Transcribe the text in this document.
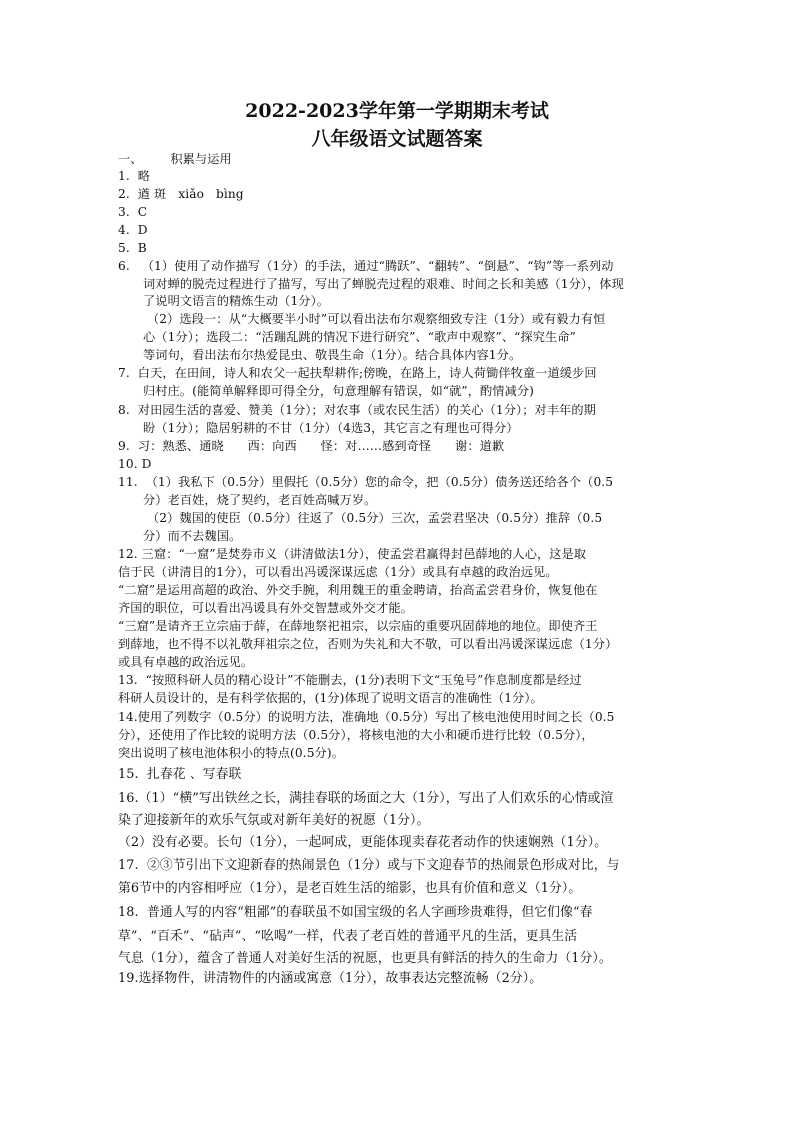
2022-2023学年第一学期期末考试
八年级语文试题答案
一、       积累与运用
1.  略
2.  遒 斑   xiǎo   bìng
3.  C
4.  D
5.  B
6.   （1）使用了动作描写（1分）的手法，通过“腾跃”、“翻转”、“倒悬”、“钩”等一系列动
词对蝉的脱壳过程进行了描写，写出了蝉脱壳过程的艰难、时间之长和美感（1分），体现
了说明文语言的精炼生动（1分）。
（2）选段一：从“大概要半小时”可以看出法布尔观察细致专注（1分）或有毅力有恒
心（1分）；选段二：“活蹦乱跳的情况下进行研究”、“歌声中观察”、“探究生命”
等词句，看出法布尔热爱昆虫、敬畏生命（1分）。结合具体内容1分。
7.  白天，在田间，诗人和农父一起扶犁耕作;傍晚，在路上，诗人荷锄伴牧童一道缓步回
归村庄。(能简单解释即可得全分，句意理解有错误，如“就”，酌情减分)
8.  对田园生活的喜爱、赞美（1分）；对农事（或农民生活）的关心（1分）；对丰年的期
盼（1分）；隐居躬耕的不甘（1分）（4选3，其它言之有理也可得分）
9.  习：熟悉、通晓      西：向西      怪：对……感到奇怪      谢：道歉
10. D
11.  （1）我私下（0.5分）里假托（0.5分）您的命令，把（0.5分）债务送还给各个（0.5
分）老百姓，烧了契约，老百姓高喊万岁。
（2）魏国的使臣（0.5分）往返了（0.5分）三次，孟尝君坚决（0.5分）推辞（0.5
分）而不去魏国。
12. 三窟：“一窟”是焚券市义（讲清做法1分），使孟尝君赢得封邑薛地的人心，这是取
信于民（讲清目的1分），可以看出冯谖深谋远虑（1分）或具有卓越的政治远见。
“二窟”是运用高超的政治、外交手腕，利用魏王的重金聘请，抬高孟尝君身价，恢复他在
齐国的职位，可以看出冯谖具有外交智慧或外交才能。
“三窟”是请齐王立宗庙于薛，在薛地祭祀祖宗，以宗庙的重要巩固薛地的地位。即使齐王
到薛地，也不得不以礼敬拜祖宗之位，否则为失礼和大不敬，可以看出冯谖深谋远虑（1分）
或具有卓越的政治远见。
13.  “按照科研人员的精心设计”不能删去，(1分)表明下文“玉兔号”作息制度都是经过
科研人员设计的，是有科学依据的，(1分)体现了说明文语言的准确性（1分）。
14.使用了列数字（0.5分）的说明方法，准确地（0.5分）写出了核电池使用时间之长（0.5
分），还使用了作比较的说明方法（0.5分），将核电池的大小和硬币进行比较（0.5分），
突出说明了核电池体积小的特点(0.5分)。
15.  扎春花 、写春联
16.（1）“横”写出铁丝之长，满挂春联的场面之大（1分），写出了人们欢乐的心情或渲
染了迎接新年的欢乐气氛或对新年美好的祝愿（1分）。
（2）没有必要。长句（1分），一起呵成，更能体现卖春花者动作的快速娴熟（1分）。
17.  ②③节引出下文迎新春的热闹景色（1分）或与下文迎春节的热闹景色形成对比，与
第6节中的内容相呼应（1分），是老百姓生活的缩影，也具有价值和意义（1分）。
18.  普通人写的内容“粗鄙”的春联虽不如国宝级的名人字画珍贵难得，但它们像“春
草”、“百禾”、“砧声”、“吆喝”一样，代表了老百姓的普通平凡的生活，更具生活
气息（1分），蕴含了普通人对美好生活的祝愿，也更具有鲜活的持久的生命力（1分）。
19.选择物件，讲清物件的内涵或寓意（1分），故事表达完整流畅（2分）。
